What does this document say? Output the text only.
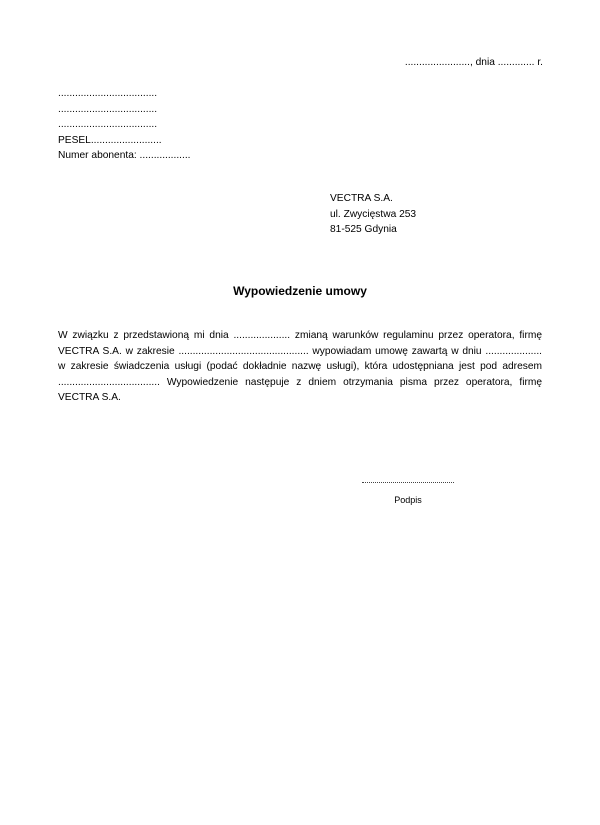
......................., dnia ............. r.
...................................
...................................
...................................
PESEL.........................
Numer abonenta: ..................
VECTRA S.A.
ul. Zwycięstwa 253
81-525 Gdynia
Wypowiedzenie umowy
W związku z przedstawioną mi dnia .................... zmianą warunków regulaminu przez operatora, firmę VECTRA S.A. w zakresie .............................................. wypowiadam umowę zawartą w dniu .................... w zakresie świadczenia usługi (podać dokładnie nazwę usługi), która udostępniana jest pod adresem .................................... Wypowiedzenie następuje z dniem otrzymania pisma przez operatora, firmę VECTRA S.A.
Podpis
